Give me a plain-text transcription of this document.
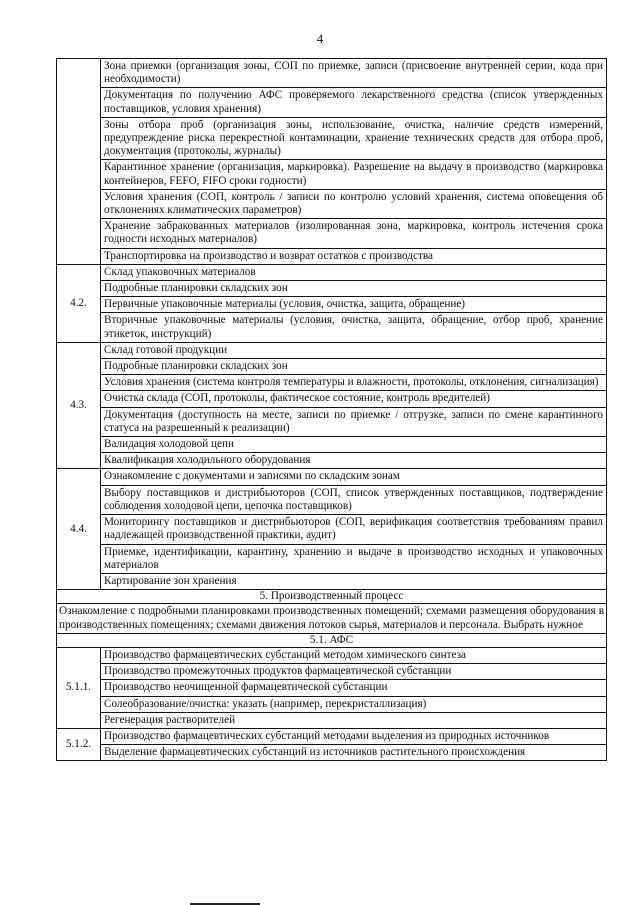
4
	Зона приемки (организация зоны, СОП по приемке, записи (присвоение внутренней серии, кода при необходимости)
	Документация по получению АФС проверяемого лекарственного средства (список утвержденных поставщиков, условия хранения)
	Зоны отбора проб (организация зоны, использование, очистка, наличие средств измерений, предупреждение риска перекрестной контаминации, хранение технических средств для отбора проб, документация (протоколы, журналы)
	Карантинное хранение (организация, маркировка). Разрешение на выдачу в производство (маркировка контейнеров, FEFO, FIFO сроки годности)
	Условия хранения (СОП, контроль / записи по контролю условий хранения, система оповещения об отклонениях климатических параметров)
	Хранение забракованных материалов (изолированная зона, маркировка, контроль истечения срока годности исходных материалов)
	Транспортировка на производство и возврат остатков с производства
4.2.	Склад упаковочных материалов
	Подробные планировки складских зон
	Первичные упаковочные материалы (условия, очистка, защита, обращение)
	Вторичные упаковочные материалы (условия, очистка, защита, обращение, отбор проб, хранение этикеток, инструкций)
4.3.	Склад готовой продукции
	Подробные планировки складских зон
	Условия хранения (система контроля температуры и влажности, протоколы, отклонения, сигнализация)
	Очистка склада (СОП, протоколы, фактическое состояние, контроль вредителей)
	Документация (доступность на месте, записи по приемке / отгрузке, записи по смене карантинного статуса на разрешенный к реализации)
	Валидация холодовой цепи
	Квалификация холодильного оборудования
4.4.	Ознакомление с документами и записями по складским зонам
	Выбору поставщиков и дистрибьюторов (СОП, список утвержденных поставщиков, подтверждение соблюдения холодовой цепи, цепочка поставщиков)
	Мониторингу поставщиков и дистрибьюторов (СОП, верификация соответствия требованиям правил надлежащей производственной практики, аудит)
	Приемке, идентификации, карантину, хранению и выдаче в производство исходных и упаковочных материалов
	Картирование зон хранения
5. Производственный процесс	
Ознакомление с подробными планировками производственных помещений; схемами размещения оборудования в производственных помещениях; схемами движения потоков сырья, материалов и персонала. Выбрать нужное	
5.1. АФС	
5.1.1.	Производство фармацевтических субстанций методом химического синтеза
	Производство промежуточных продуктов фармацевтической субстанции
	Производство неочищенной фармацевтической субстанции
	Солеобразование/очистка: указать (например, перекристаллизация)
	Регенерация растворителей
5.1.2.	Производство фармацевтических субстанций методами выделения из природных источников
	Выделение фармацевтических субстанций из источников растительного происхождения
